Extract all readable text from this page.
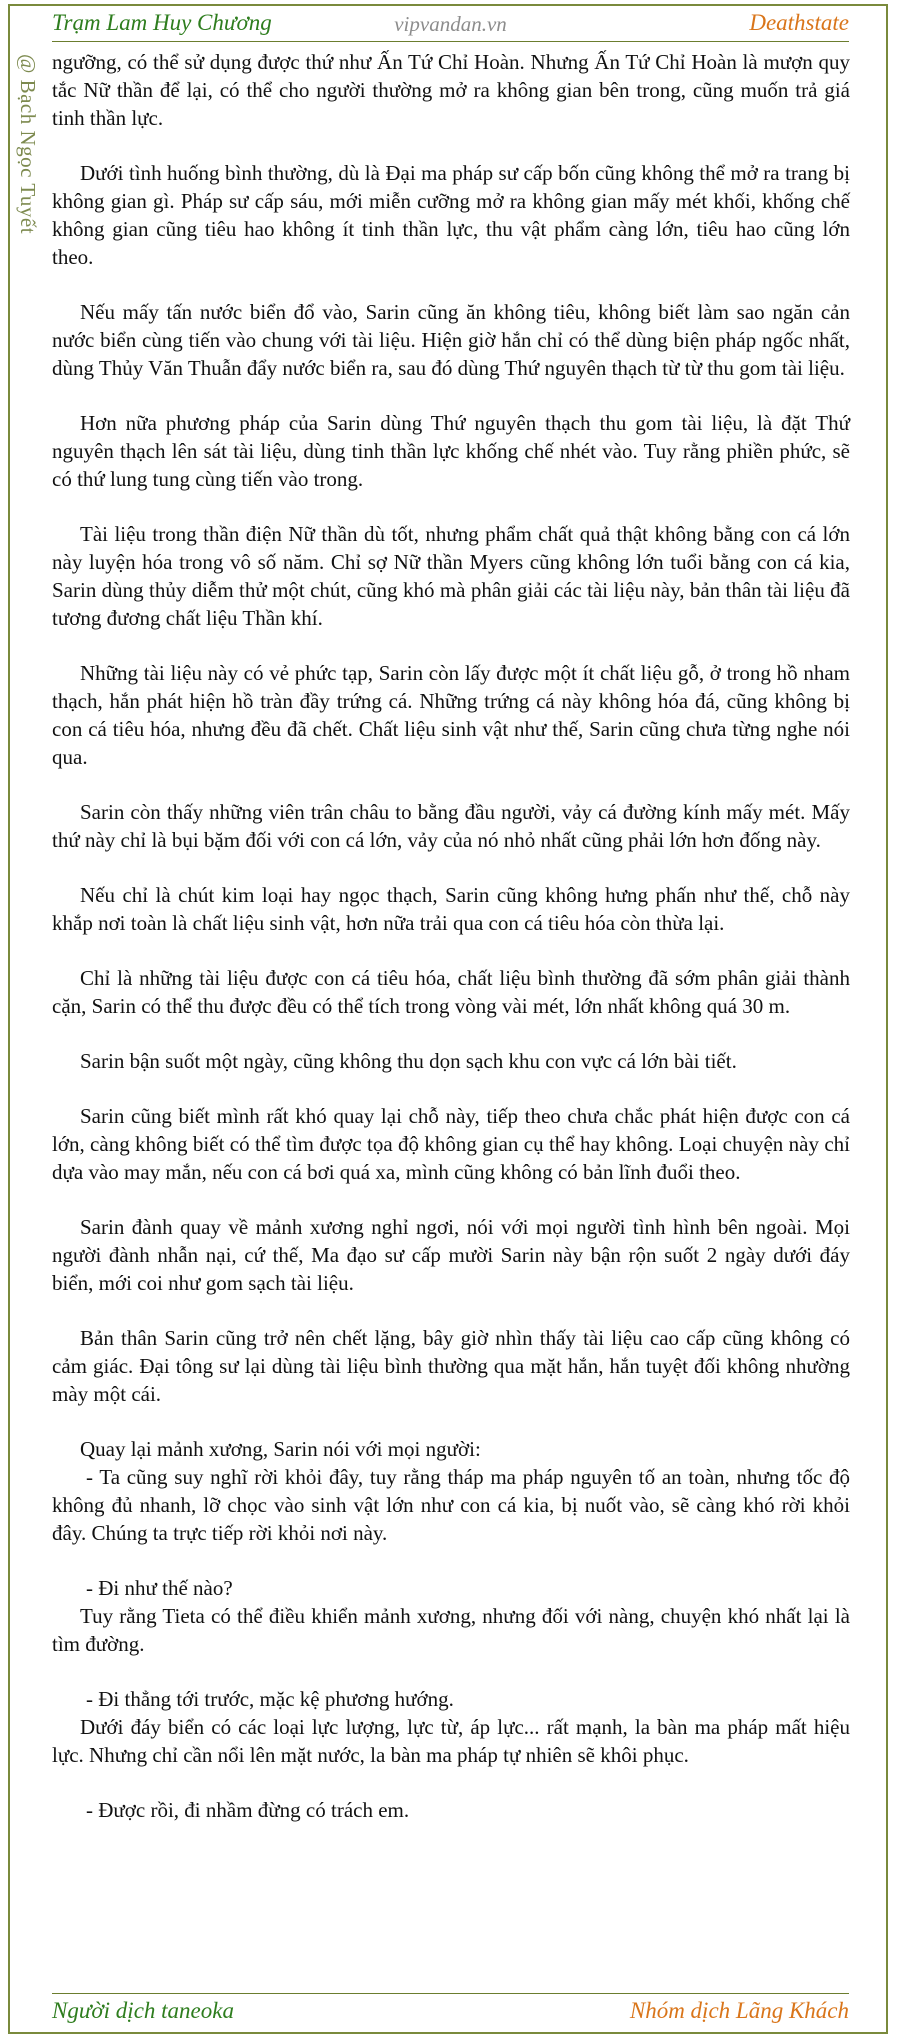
Trạm Lam Huy Chương	vipvandan.vn	Deathstate
@ Bạch Ngọc Tuyết ngưỡng, có thể sử dụng được thứ như Ấn Tứ Chỉ Hoàn. Nhưng Ấn Tứ Chỉ Hoàn là mượn quy tắc Nữ thần để lại, có thể cho người thường mở ra không gian bên trong, cũng muốn trả giá tinh thần lực.

Dưới tình huống bình thường, dù là Đại ma pháp sư cấp bốn cũng không thể mở ra trang bị không gian gì. Pháp sư cấp sáu, mới miễn cưỡng mở ra không gian mấy mét khối, khống chế không gian cũng tiêu hao không ít tinh thần lực, thu vật phẩm càng lớn, tiêu hao cũng lớn theo.

Nếu mấy tấn nước biển đổ vào, Sarin cũng ăn không tiêu, không biết làm sao ngăn cản nước biển cùng tiến vào chung với tài liệu. Hiện giờ hắn chỉ có thể dùng biện pháp ngốc nhất, dùng Thủy Văn Thuẫn đẩy nước biển ra, sau đó dùng Thứ nguyên thạch từ từ thu gom tài liệu.

Hơn nữa phương pháp của Sarin dùng Thứ nguyên thạch thu gom tài liệu, là đặt Thứ nguyên thạch lên sát tài liệu, dùng tinh thần lực khống chế nhét vào. Tuy rằng phiền phức, sẽ có thứ lung tung cùng tiến vào trong.

Tài liệu trong thần điện Nữ thần dù tốt, nhưng phẩm chất quả thật không bằng con cá lớn này luyện hóa trong vô số năm. Chỉ sợ Nữ thần Myers cũng không lớn tuổi bằng con cá kia, Sarin dùng thủy diễm thử một chút, cũng khó mà phân giải các tài liệu này, bản thân tài liệu đã tương đương chất liệu Thần khí.

Những tài liệu này có vẻ phức tạp, Sarin còn lấy được một ít chất liệu gỗ, ở trong hồ nham thạch, hắn phát hiện hồ tràn đầy trứng cá. Những trứng cá này không hóa đá, cũng không bị con cá tiêu hóa, nhưng đều đã chết. Chất liệu sinh vật như thế, Sarin cũng chưa từng nghe nói qua.

Sarin còn thấy những viên trân châu to bằng đầu người, vảy cá đường kính mấy mét. Mấy thứ này chỉ là bụi bặm đối với con cá lớn, vảy của nó nhỏ nhất cũng phải lớn hơn đống này.

Nếu chỉ là chút kim loại hay ngọc thạch, Sarin cũng không hưng phấn như thế, chỗ này khắp nơi toàn là chất liệu sinh vật, hơn nữa trải qua con cá tiêu hóa còn thừa lại.

Chỉ là những tài liệu được con cá tiêu hóa, chất liệu bình thường đã sớm phân giải thành cặn, Sarin có thể thu được đều có thể tích trong vòng vài mét, lớn nhất không quá 30 m.

Sarin bận suốt một ngày, cũng không thu dọn sạch khu con vực cá lớn bài tiết.

Sarin cũng biết mình rất khó quay lại chỗ này, tiếp theo chưa chắc phát hiện được con cá lớn, càng không biết có thể tìm được tọa độ không gian cụ thể hay không. Loại chuyện này chỉ dựa vào may mắn, nếu con cá bơi quá xa, mình cũng không có bản lĩnh đuổi theo.

Sarin đành quay về mảnh xương nghỉ ngơi, nói với mọi người tình hình bên ngoài. Mọi người đành nhẫn nại, cứ thế, Ma đạo sư cấp mười Sarin này bận rộn suốt 2 ngày dưới đáy biển, mới coi như gom sạch tài liệu.

Bản thân Sarin cũng trở nên chết lặng, bây giờ nhìn thấy tài liệu cao cấp cũng không có cảm giác. Đại tông sư lại dùng tài liệu bình thường qua mặt hắn, hắn tuyệt đối không nhường mày một cái.

Quay lại mảnh xương, Sarin nói với mọi người:
- Ta cũng suy nghĩ rời khỏi đây, tuy rằng tháp ma pháp nguyên tố an toàn, nhưng tốc độ không đủ nhanh, lỡ chọc vào sinh vật lớn như con cá kia, bị nuốt vào, sẽ càng khó rời khỏi đây. Chúng ta trực tiếp rời khỏi nơi này.

- Đi như thế nào?
Tuy rằng Tieta có thể điều khiển mảnh xương, nhưng đối với nàng, chuyện khó nhất lại là tìm đường.

- Đi thẳng tới trước, mặc kệ phương hướng.
Dưới đáy biển có các loại lực lượng, lực từ, áp lực... rất mạnh, la bàn ma pháp mất hiệu lực. Nhưng chỉ cần nổi lên mặt nước, la bàn ma pháp tự nhiên sẽ khôi phục.

- Được rồi, đi nhầm đừng có trách em.

Người dịch taneoka	Nhóm dịch Lãng Khách
